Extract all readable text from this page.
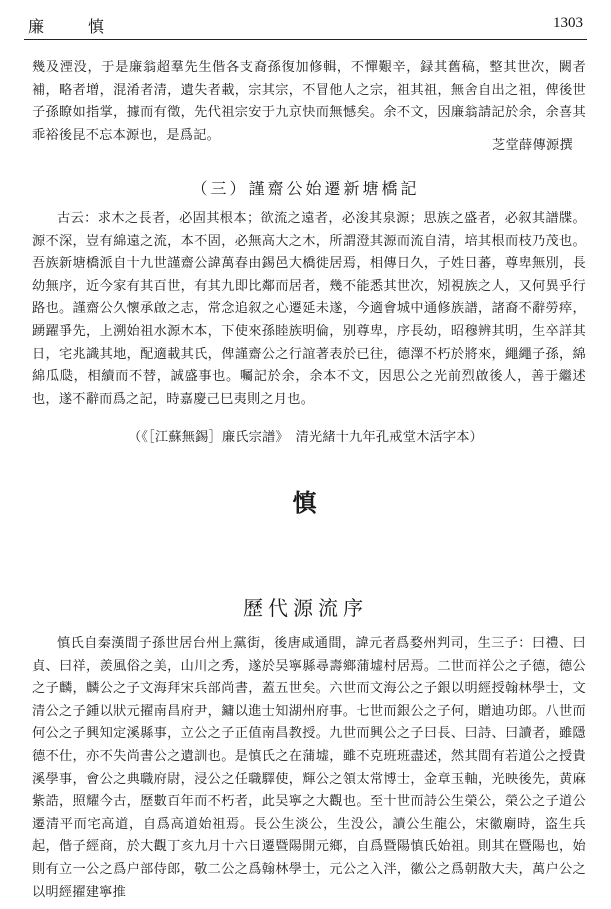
廉　慎	1303

幾及湮没，于是廉翁超羣先生偕各支裔孫復加修輯，不憚艱辛，録其舊稿，整其世次，闕者補，略者增，混淆者清，遺失者載，宗其宗，不冒他人之宗，祖其祖，無舍自出之祖，俾後世子孫瞭如指掌，據而有徵，先代祖宗安于九京快而無憾矣。余不文，因廉翁請記於余，余喜其乖裕後昆不忘本源也，是爲記。

芝堂薛傳源撰
（三）謹齋公始遷新塘橋記

古云：求木之長者，必固其根本；欲流之遠者，必浚其泉源；思族之盛者，必叙其譜牒。源不深，豈有綿遠之流，本不固，必無高大之木，所謂澄其源而流自清，培其根而枝乃茂也。吾族新塘橋派自十九世謹齋公諱萬春由錫邑大橋徙居焉，相傳日久，子姓日蕃，尊卑無別，長幼無序，近今家有其百世，有其九即比鄰而居者，幾不能悉其世次，矧視族之人，又何異乎行路也。謹齋公久懷承啟之志，常念追叙之心遷延未遂，今適會城中通修族譜，諸裔不辭勞瘁，踴躍爭先，上溯始祖水源木本，下使來孫睦族明倫，别尊卑，序長幼，昭穆辨其明，生卒詳其日，宅兆識其地，配適載其氏，俾謹齋公之行誼著表於已往，德澤不朽於將來，繩繩子孫，綿綿瓜瓞，相續而不替，誠盛事也。囑記於余，余本不文，因思公之光前烈啟後人，善于繼述也，遂不辭而爲之記，時嘉慶己巳夷則之月也。

（《［江蘇無錫］廉氏宗譜》　清光緒十九年孔戒堂木活字本）
慎
歷代源流序

慎氏自秦漢間子孫世居台州上黨街，後唐咸通間，諱元者爲婺州判司，生三子：曰禮、曰貞、曰祥，羨風俗之美，山川之秀，遂於吴寧縣尋壽鄉蒲墟村居焉。二世而祥公之子德，德公之子麟，麟公之子文海拜宋兵部尚書，蓋五世矣。六世而文海公之子銀以明經授翰林學士，文清公之子鍾以狀元擢南昌府尹，鏞以進士知湖州府事。七世而銀公之子何，贈迪功郎。八世而何公之子興知定溪縣事，立公之子正值南昌教授。九世而興公之子曰長、曰詩、曰讀者，雖隱德不仕，亦不失尚書公之遺訓也。是慎氏之在蒲墟，雖不克班班盡述，然其間有若道公之授貴溪學事，會公之典職府尉，浸公之任職驛使，輝公之領太常博士，金章玉軸，光映後先，黄麻紫誥，照耀今古，歷數百年而不朽者，此吴寧之大觀也。至十世而詩公生榮公，榮公之子道公遷清平而宅高道，自爲高道始祖焉。長公生淡公，生没公，讀公生龍公，宋徽廟時，盗生兵起，偕子經商，於大觀丁亥九月十六日遷暨陽開元鄉，自爲暨陽慎氏始祖。則其在暨陽也，始則有立一公之爲户部侍郎，敬二公之爲翰林學士，元公之入泮，徽公之爲朝散大夫，萬户公之以明經擢建寧推
